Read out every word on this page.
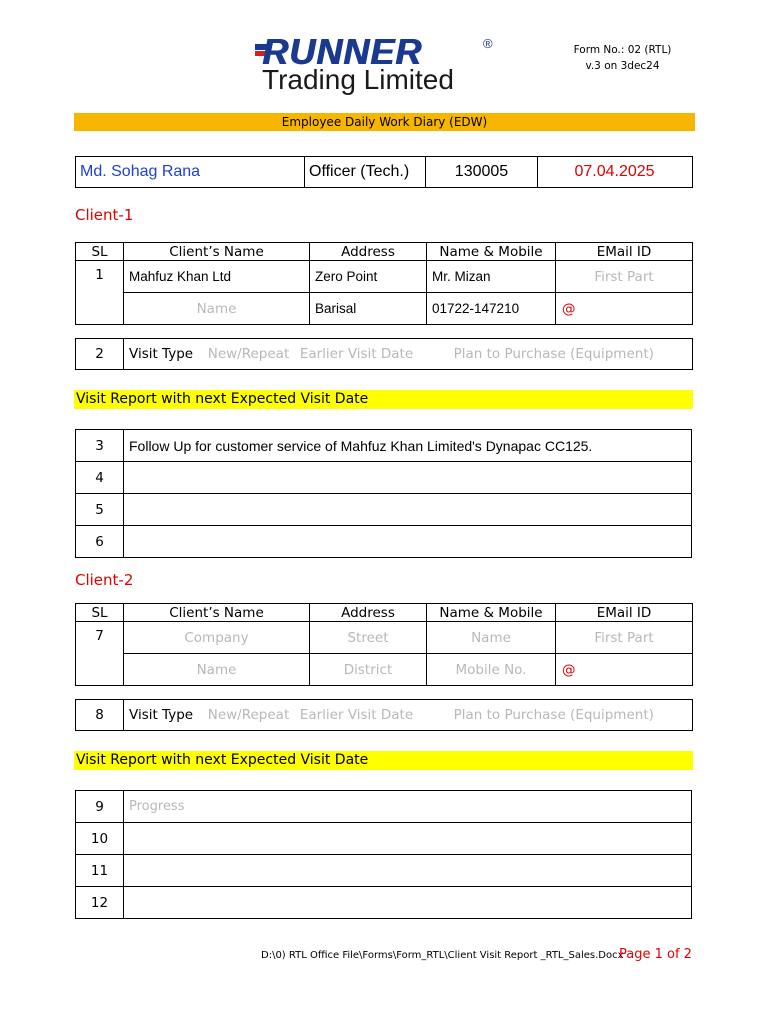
RUNNER	®
Trading Limited
Form No.: 02 (RTL)
v.3 on 3dec24
Employee Daily Work Diary (EDW)
Md. Sohag Rana	Officer (Tech.)	130005	07.04.2025
Client-1
SL	Client’s Name	Address	Name & Mobile	EMail ID
1	Mahfuz Khan Ltd	Zero Point	Mr. Mizan	First Part
	Name	Barisal	01722-147210	@
2	Visit Type	New/Repeat	Earlier Visit Date	Plan to Purchase (Equipment)
Visit Report with next Expected Visit Date
3	Follow Up for customer service of Mahfuz Khan Limited's Dynapac CC125.
4	
5	
6	
Client-2
SL	Client’s Name	Address	Name & Mobile	EMail ID
7	Company	Street	Name	First Part
	Name	District	Mobile No.	@
8	Visit Type	New/Repeat	Earlier Visit Date	Plan to Purchase (Equipment)
Visit Report with next Expected Visit Date
9	Progress
10	
11	
12	
D:\0) RTL Office File\Forms\Form_RTL\Client Visit Report _RTL_Sales.Docx
Page 1 of 2
